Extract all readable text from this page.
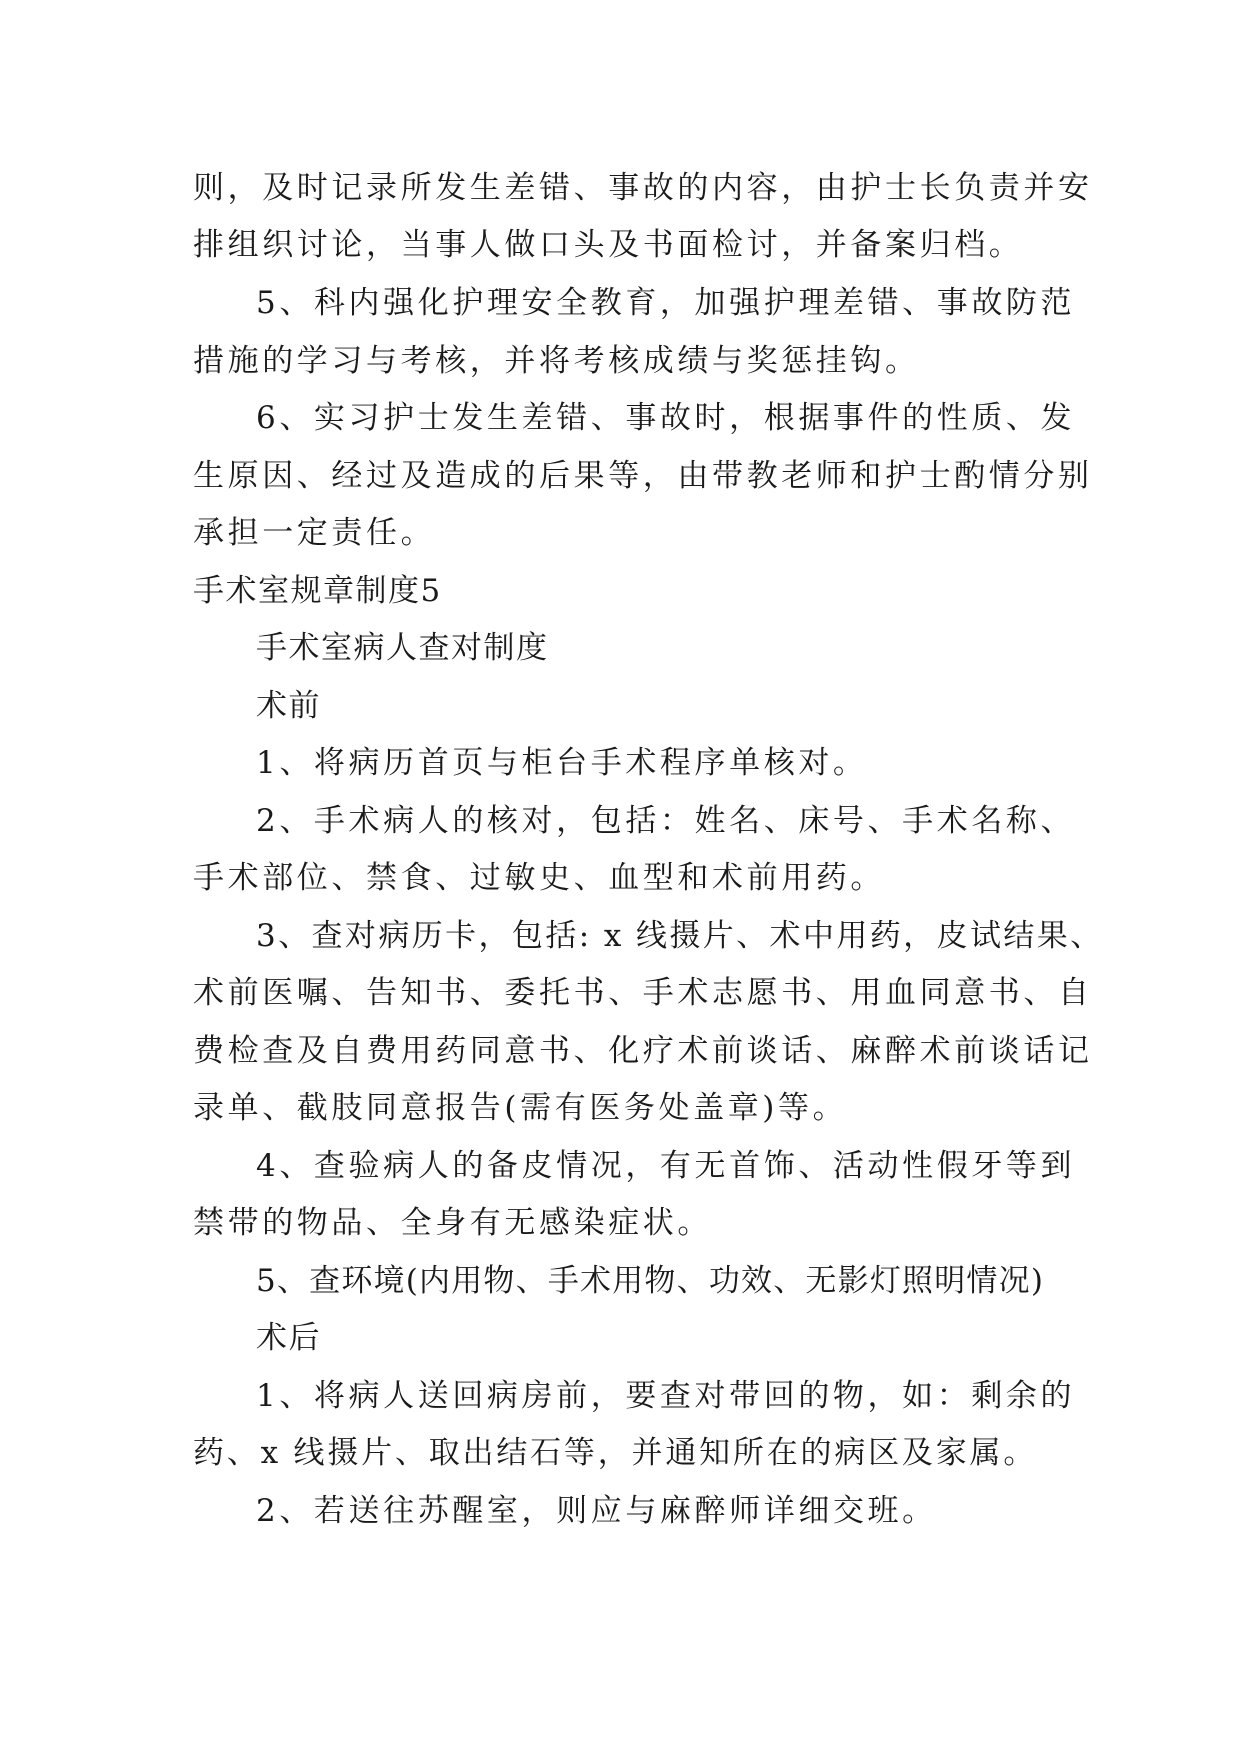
则，及时记录所发生差错、事故的内容，由护士长负责并安
排组织讨论，当事人做口头及书面检讨，并备案归档。
5、科内强化护理安全教育，加强护理差错、事故防范
措施的学习与考核，并将考核成绩与奖惩挂钩。
6、实习护士发生差错、事故时，根据事件的性质、发
生原因、经过及造成的后果等，由带教老师和护士酌情分别
承担一定责任。
手术室规章制度5
手术室病人查对制度
术前
1、将病历首页与柜台手术程序单核对。
2、手术病人的核对，包括：姓名、床号、手术名称、
手术部位、禁食、过敏史、血型和术前用药。
3、查对病历卡，包括: x 线摄片、术中用药，皮试结果、
术前医嘱、告知书、委托书、手术志愿书、用血同意书、自
费检查及自费用药同意书、化疗术前谈话、麻醉术前谈话记
录单、截肢同意报告(需有医务处盖章)等。
4、查验病人的备皮情况，有无首饰、活动性假牙等到
禁带的物品、全身有无感染症状。
5、查环境(内用物、手术用物、功效、无影灯照明情况)
术后
1、将病人送回病房前，要查对带回的物，如：剩余的
药、x 线摄片、取出结石等，并通知所在的病区及家属。
2、若送往苏醒室，则应与麻醉师详细交班。
